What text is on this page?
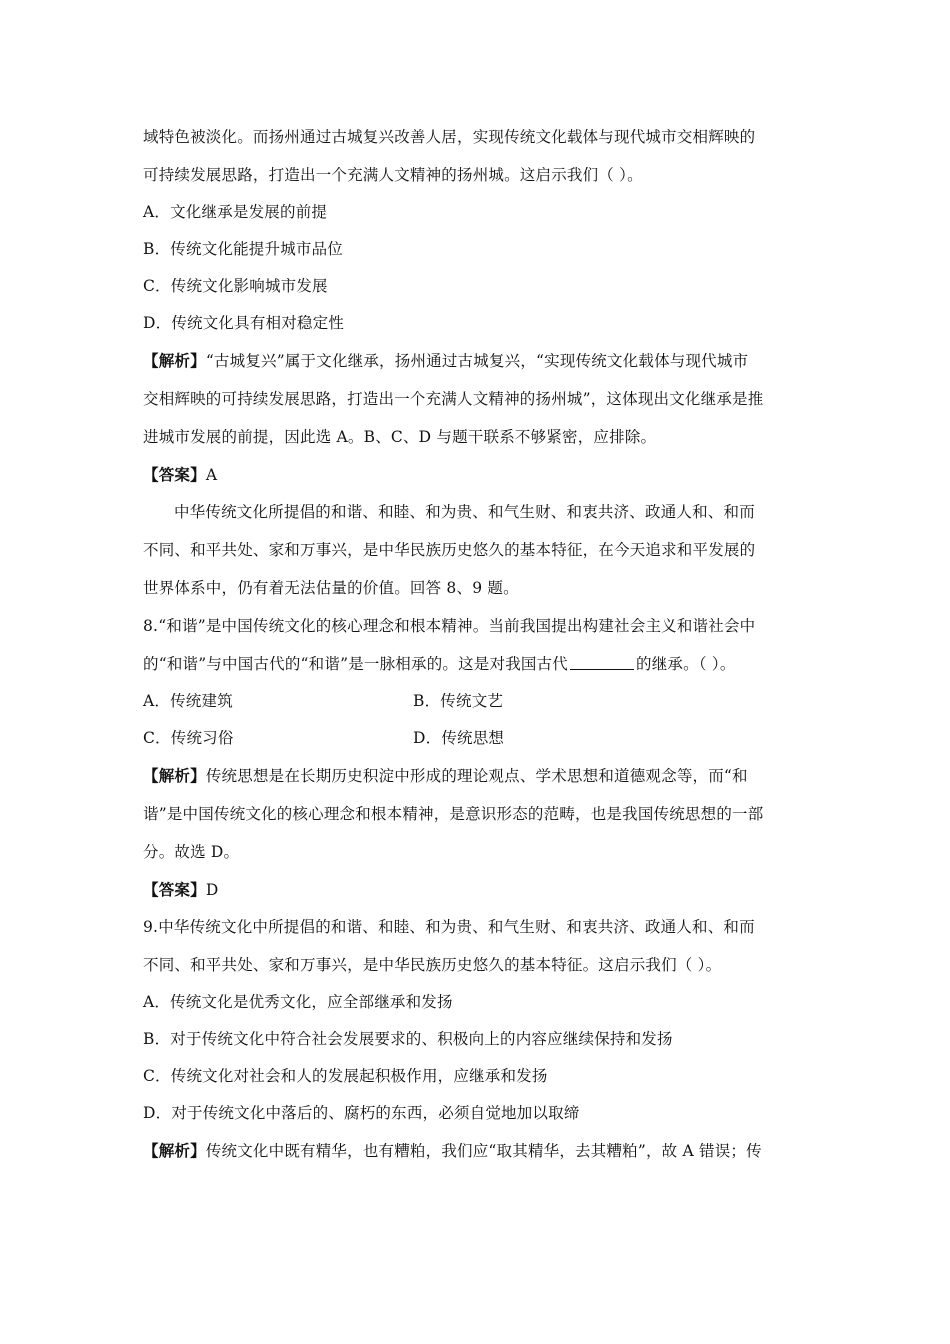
域特色被淡化。而扬州通过古城复兴改善人居，实现传统文化载体与现代城市交相辉映的
可持续发展思路，打造出一个充满人文精神的扬州城。这启示我们（ ）。
A．文化继承是发展的前提
B．传统文化能提升城市品位
C．传统文化影响城市发展
D．传统文化具有相对稳定性
【解析】“古城复兴”属于文化继承，扬州通过古城复兴，“实现传统文化载体与现代城市
交相辉映的可持续发展思路，打造出一个充满人文精神的扬州城”，这体现出文化继承是推
进城市发展的前提，因此选 A。B、C、D 与题干联系不够紧密，应排除。
【答案】A
中华传统文化所提倡的和谐、和睦、和为贵、和气生财、和衷共济、政通人和、和而
不同、和平共处、家和万事兴，是中华民族历史悠久的基本特征，在今天追求和平发展的
世界体系中，仍有着无法估量的价值。回答 8、9 题。
8.“和谐”是中国传统文化的核心理念和根本精神。当前我国提出构建社会主义和谐社会中
的“和谐”与中国古代的“和谐”是一脉相承的。这是对我国古代	的继承。（ ）。
A．传统建筑	B．传统文艺
C．传统习俗	D．传统思想
【解析】传统思想是在长期历史积淀中形成的理论观点、学术思想和道德观念等，而“和
谐”是中国传统文化的核心理念和根本精神，是意识形态的范畴，也是我国传统思想的一部
分。故选 D。
【答案】D
9.中华传统文化中所提倡的和谐、和睦、和为贵、和气生财、和衷共济、政通人和、和而
不同、和平共处、家和万事兴，是中华民族历史悠久的基本特征。这启示我们（ ）。
A．传统文化是优秀文化，应全部继承和发扬
B．对于传统文化中符合社会发展要求的、积极向上的内容应继续保持和发扬
C．传统文化对社会和人的发展起积极作用，应继承和发扬
D．对于传统文化中落后的、腐朽的东西，必须自觉地加以取缔
【解析】传统文化中既有精华，也有糟粕，我们应“取其精华，去其糟粕”，故 A 错误；传
